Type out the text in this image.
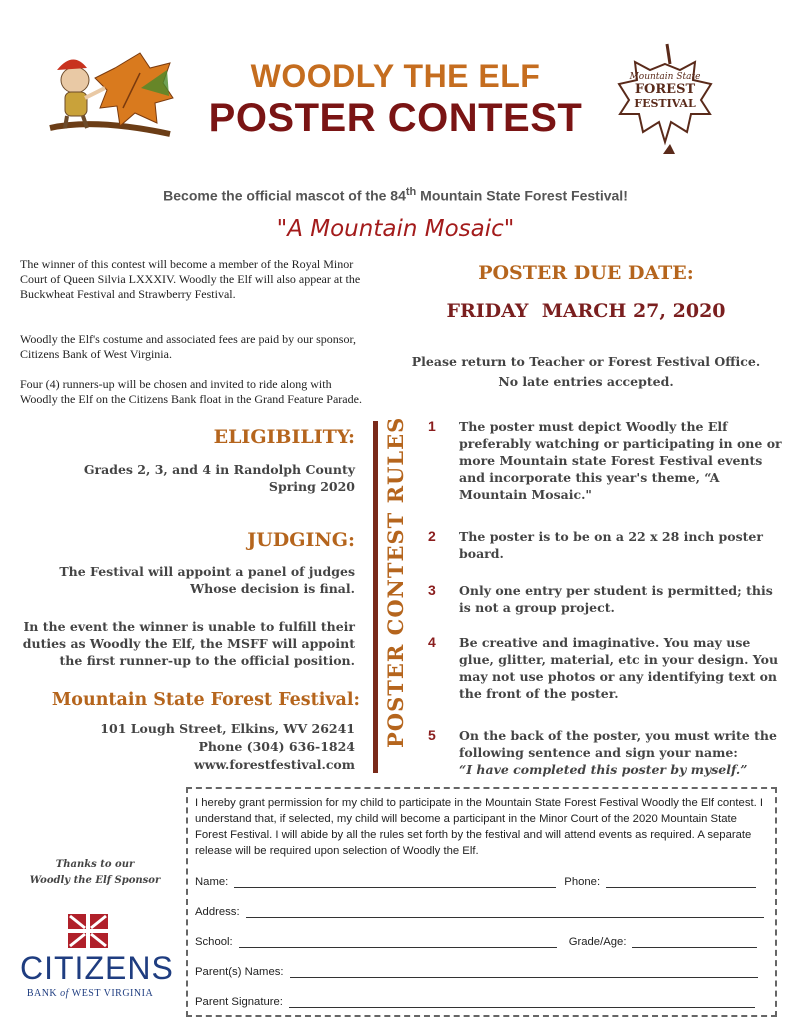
Mountain State
FOREST
FESTIVAL
WOODLY THE ELF
POSTER CONTEST
Become the official mascot of the 84th Mountain State Forest Festival!
"A Mountain Mosaic"
The winner of this contest will become a member of the Royal Minor Court of Queen Silvia LXXXIV. Woodly the Elf will also appear at the Buckwheat Festival and Strawberry Festival.
Woodly the Elf's costume and associated fees are paid by our sponsor, Citizens Bank of West Virginia.
Four (4) runners-up will be chosen and invited to ride along with Woodly the Elf on the Citizens Bank float in the Grand Feature Parade.
ELIGIBILITY:
Grades 2, 3, and 4 in Randolph County
Spring 2020
JUDGING:
The Festival will appoint a panel of judges
Whose decision is final.
In the event the winner is unable to fulfill their duties as Woodly the Elf, the MSFF will appoint the first runner-up to the official position.
Mountain State Forest Festival:
101 Lough Street, Elkins, WV 26241
Phone (304) 636-1824
www.forestfestival.com
POSTER DUE DATE:
FRIDAY  MARCH 27, 2020
Please return to Teacher or Forest Festival Office.
No late entries accepted.
POSTER CONTEST RULES 1 The poster must depict Woodly the Elf preferably watching or participating in one or more Mountain state Forest Festival events and incorporate this year's theme, “A Mountain Mosaic."
2 The poster is to be on a 22 x 28 inch poster board.
3 Only one entry per student is permitted; this is not a group project.
4 Be creative and imaginative. You may use glue, glitter, material, etc in your design. You may not use photos or any identifying text on the front of the poster.
5 On the back of the poster, you must write the following sentence and sign your name:
“I have completed this poster by myself.”
I hereby grant permission for my child to participate in the Mountain State Forest Festival Woodly the Elf contest. I understand that, if selected, my child will become a participant in the Minor Court of the 2020 Mountain State Forest Festival. I will abide by all the rules set forth by the festival and will attend events as required. A separate release will be required upon selection of Woodly the Elf.
Name:	Phone:
Address:
School:	Grade/Age:
Parent(s) Names:
Parent Signature:
Thanks to our
Woodly the Elf Sponsor
CITIZENS
BANK of WEST VIRGINIA
